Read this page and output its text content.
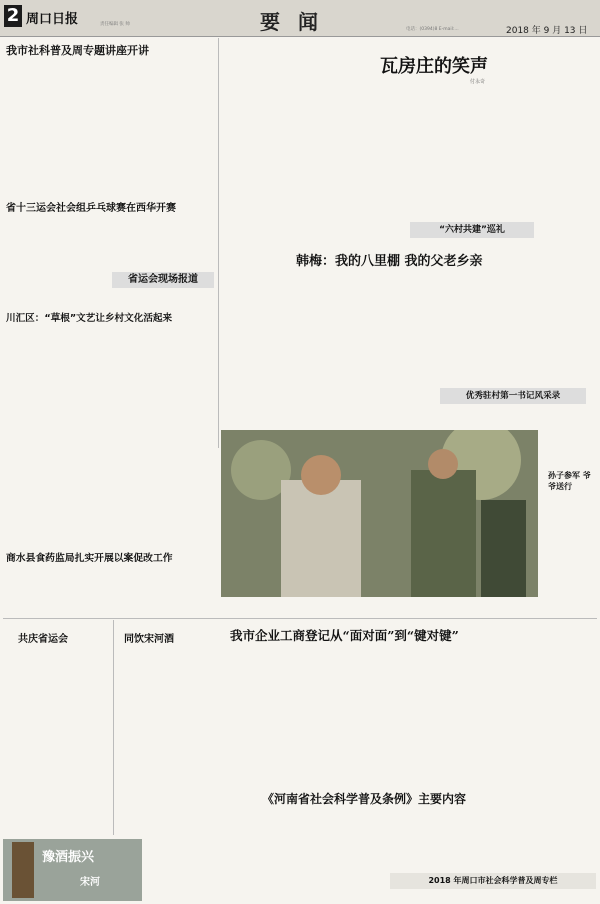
2 周口日报	责任编辑 张 帅	要闻	电话：(0394)8 E-mail:...	2018 年 9 月 13 日
我市社科普及周专题讲座开讲
省十三运会社会组乒乓球赛在西华开赛
省运会现场报道
川汇区：“草根”文艺让乡村文化活起来
商水县食药监局扎实开展以案促改工作
共庆省运会	同饮宋河酒
瓦房庄的笑声
付永奇
“六村共建”巡礼
韩梅：我的八里棚 我的父老乡亲
优秀驻村第一书记风采录
孙子参军 爷爷送行
我市企业工商登记从“面对面”到“键对键”
《河南省社会科学普及条例》主要内容
2018 年周口市社会科学普及周专栏
豫酒振兴
宋河
